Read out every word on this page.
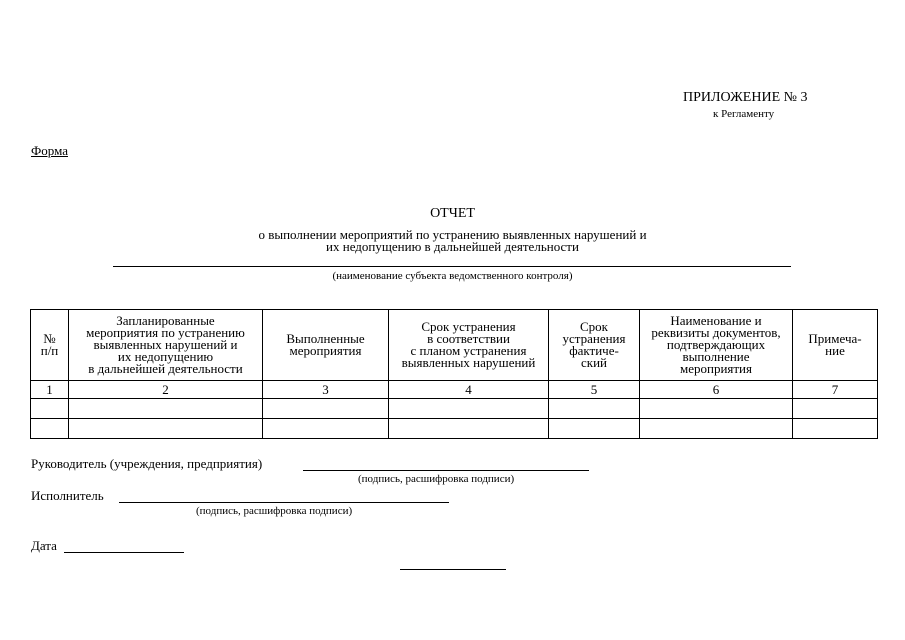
ПРИЛОЖЕНИЕ № 3
к Регламенту
Форма
ОТЧЕТ
о выполнении мероприятий по устранению выявленных нарушений и
их недопущению в дальнейшей деятельности
(наименование субъекта ведомственного контроля)
№
п/п	Запланированные
мероприятия по устранению
выявленных нарушений и
их недопущению
в дальнейшей деятельности	Выполненные
мероприятия	Срок устранения
в соответствии
с планом устранения
выявленных нарушений	Срок
устранения
фактиче-
ский	Наименование и
реквизиты документов,
подтверждающих
выполнение
мероприятия	Примеча-
ние
1	2	3	4	5	6	7

Руководитель (учреждения, предприятия)
(подпись, расшифровка подписи)
Исполнитель
(подпись, расшифровка подписи)
Дата
